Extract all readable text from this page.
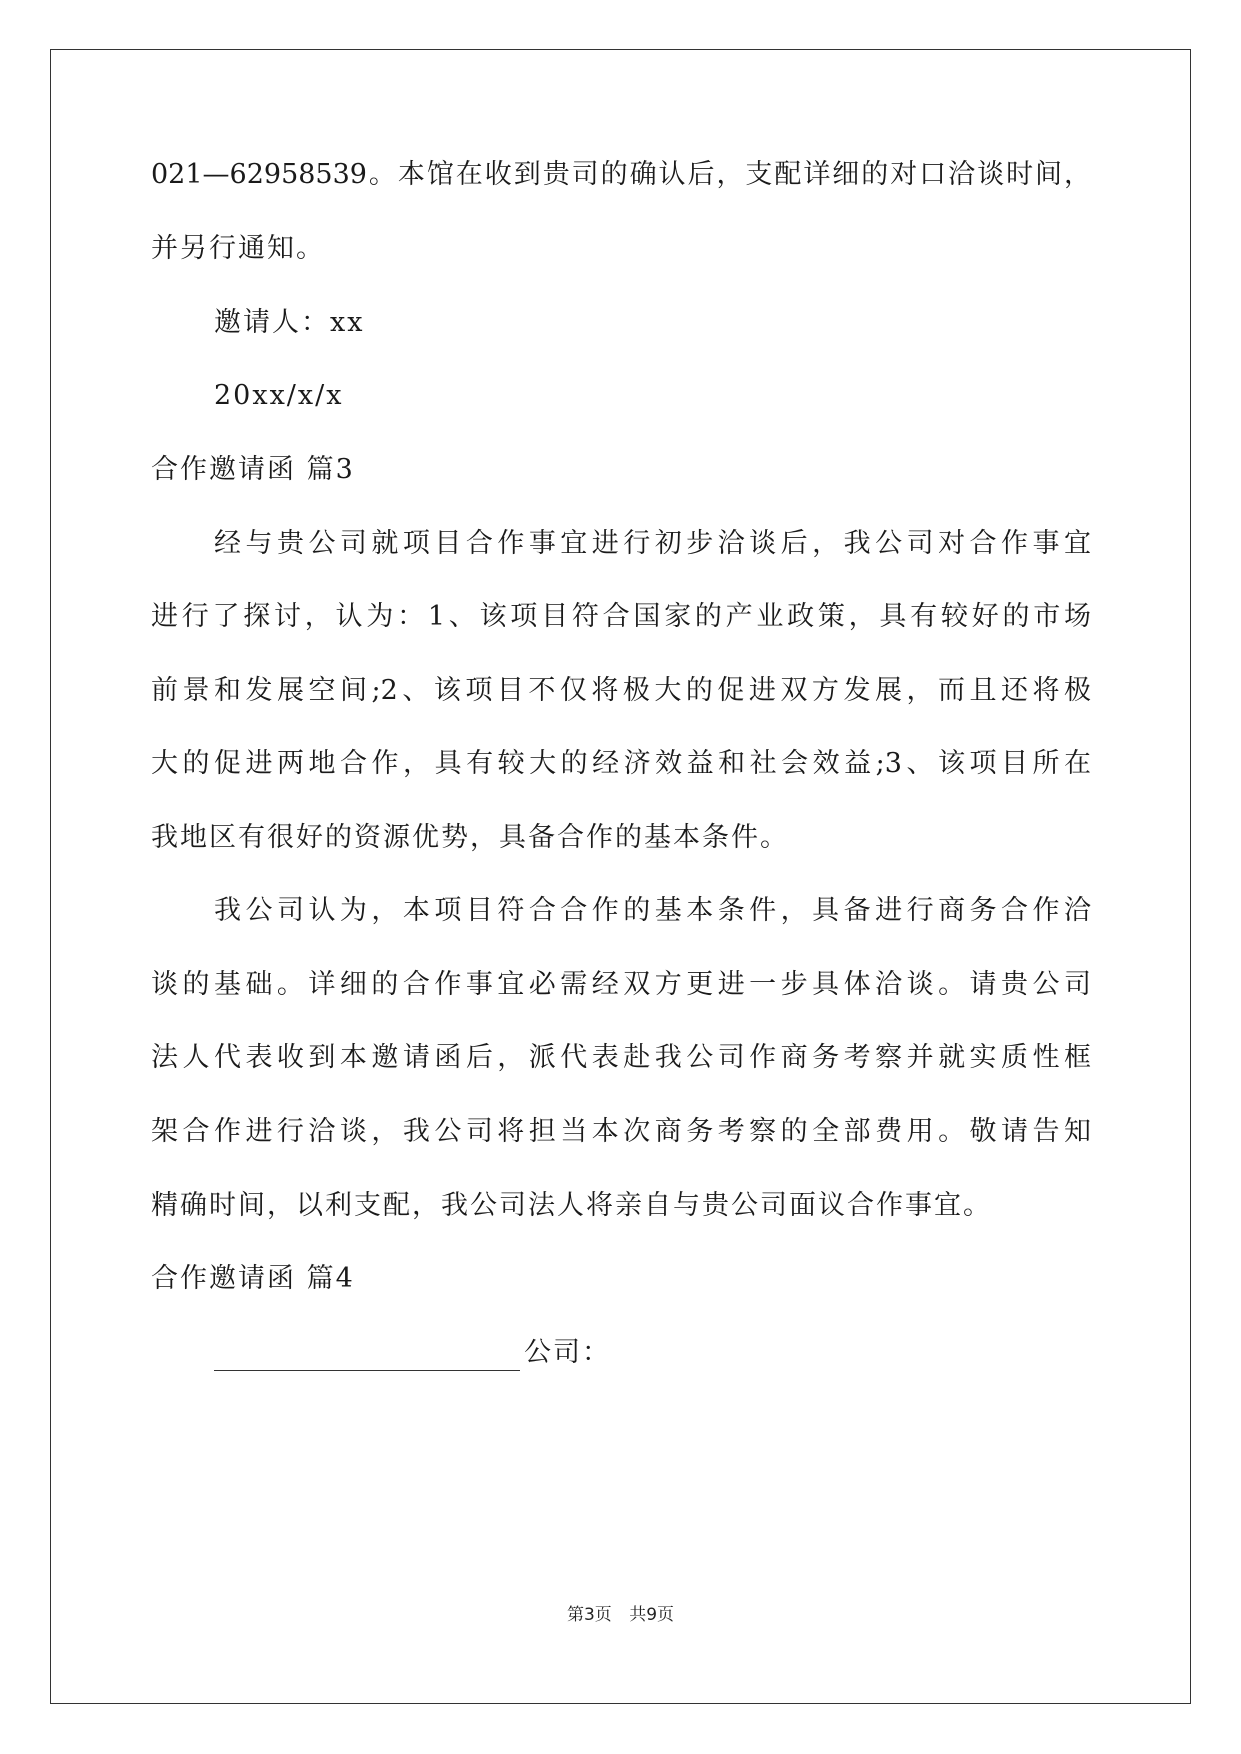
021—62958539。本馆在收到贵司的确认后，支配详细的对口洽谈时间，
并另行通知。
邀请人：xx
20xx/x/x
合作邀请函 篇3
经与贵公司就项目合作事宜进行初步洽谈后，我公司对合作事宜
进行了探讨，认为：1、该项目符合国家的产业政策，具有较好的市场
前景和发展空间;2、该项目不仅将极大的促进双方发展，而且还将极
大的促进两地合作，具有较大的经济效益和社会效益;3、该项目所在
我地区有很好的资源优势，具备合作的基本条件。
我公司认为，本项目符合合作的基本条件，具备进行商务合作洽
谈的基础。详细的合作事宜必需经双方更进一步具体洽谈。请贵公司
法人代表收到本邀请函后，派代表赴我公司作商务考察并就实质性框
架合作进行洽谈，我公司将担当本次商务考察的全部费用。敬请告知
精确时间，以利支配，我公司法人将亲自与贵公司面议合作事宜。
合作邀请函 篇4
公司：
第3页 共9页
